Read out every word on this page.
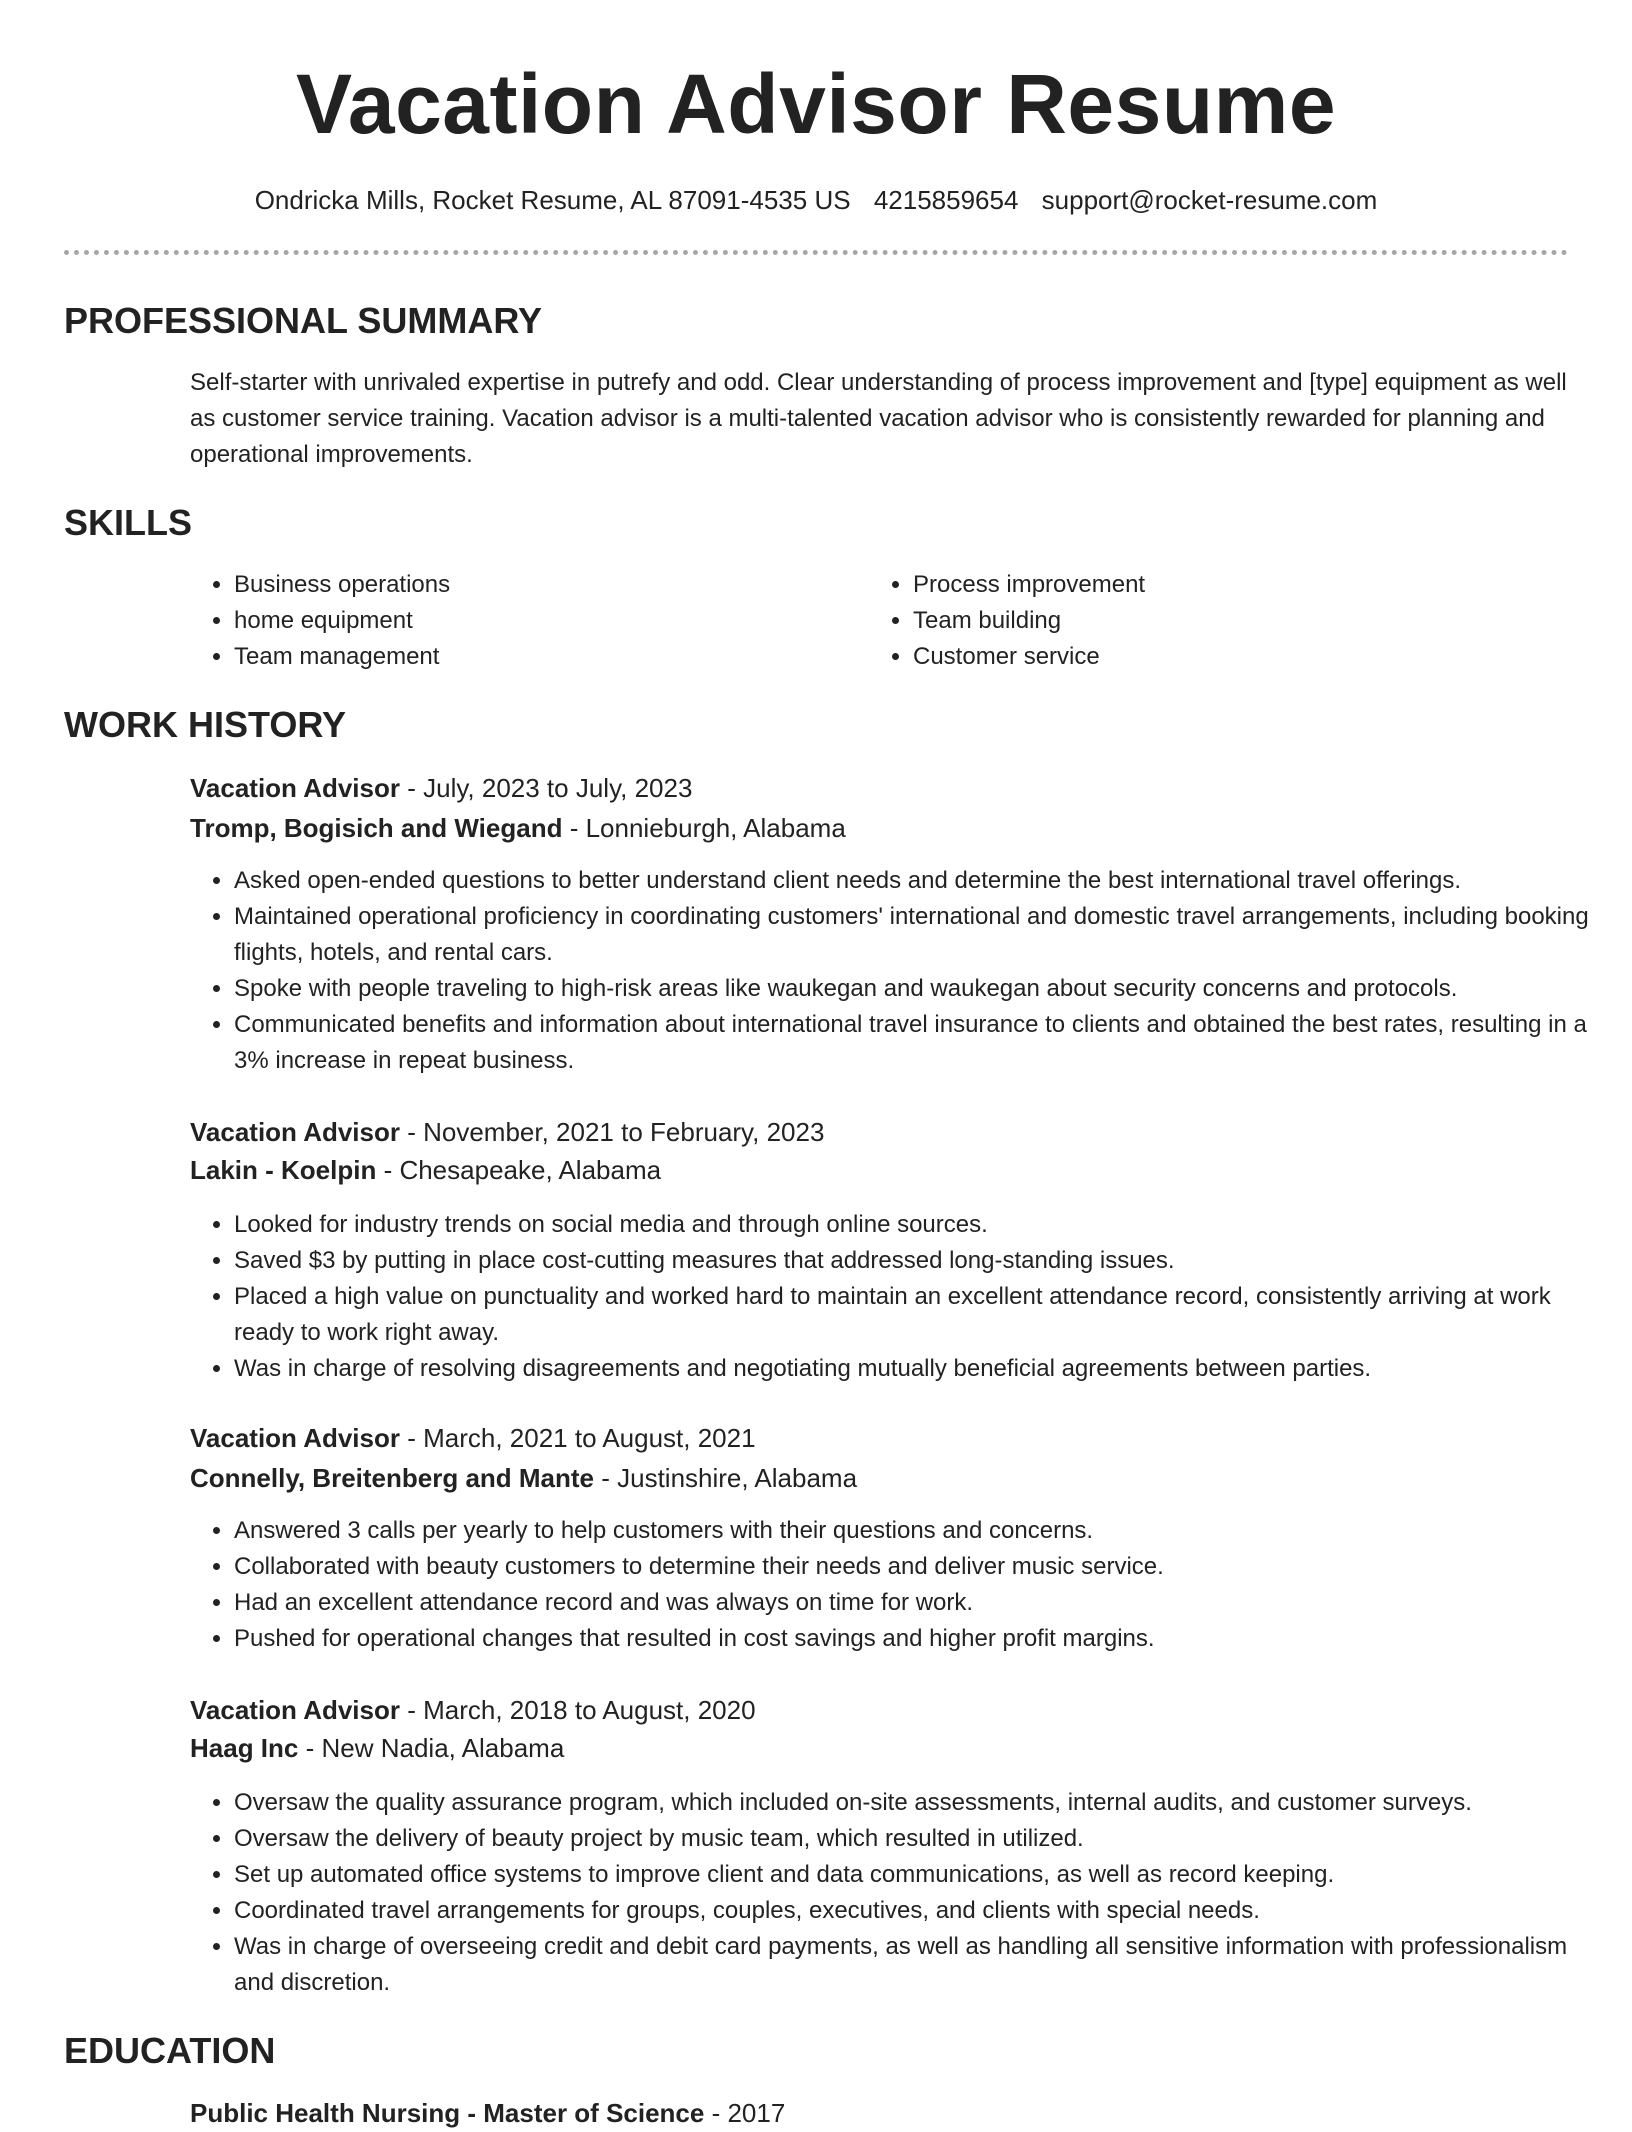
Vacation Advisor Resume
Ondricka Mills, Rocket Resume, AL 87091-4535 US 4215859654 support@rocket-resume.com
PROFESSIONAL SUMMARY
Self-starter with unrivaled expertise in putrefy and odd. Clear understanding of process improvement and [type] equipment as well as customer service training. Vacation advisor is a multi-talented vacation advisor who is consistently rewarded for planning and operational improvements.
SKILLS
• Business operations
• home equipment
• Team management
• Process improvement
• Team building
• Customer service
WORK HISTORY
Vacation Advisor - July, 2023 to July, 2023
Tromp, Bogisich and Wiegand - Lonnieburgh, Alabama
• Asked open-ended questions to better understand client needs and determine the best international travel offerings.
• Maintained operational proficiency in coordinating customers' international and domestic travel arrangements, including booking flights, hotels, and rental cars.
• Spoke with people traveling to high-risk areas like waukegan and waukegan about security concerns and protocols.
• Communicated benefits and information about international travel insurance to clients and obtained the best rates, resulting in a 3% increase in repeat business.
Vacation Advisor - November, 2021 to February, 2023
Lakin - Koelpin - Chesapeake, Alabama
• Looked for industry trends on social media and through online sources.
• Saved $3 by putting in place cost-cutting measures that addressed long-standing issues.
• Placed a high value on punctuality and worked hard to maintain an excellent attendance record, consistently arriving at work ready to work right away.
• Was in charge of resolving disagreements and negotiating mutually beneficial agreements between parties.
Vacation Advisor - March, 2021 to August, 2021
Connelly, Breitenberg and Mante - Justinshire, Alabama
• Answered 3 calls per yearly to help customers with their questions and concerns.
• Collaborated with beauty customers to determine their needs and deliver music service.
• Had an excellent attendance record and was always on time for work.
• Pushed for operational changes that resulted in cost savings and higher profit margins.
Vacation Advisor - March, 2018 to August, 2020
Haag Inc - New Nadia, Alabama
• Oversaw the quality assurance program, which included on-site assessments, internal audits, and customer surveys.
• Oversaw the delivery of beauty project by music team, which resulted in utilized.
• Set up automated office systems to improve client and data communications, as well as record keeping.
• Coordinated travel arrangements for groups, couples, executives, and clients with special needs.
• Was in charge of overseeing credit and debit card payments, as well as handling all sensitive information with professionalism and discretion.
EDUCATION
Public Health Nursing - Master of Science - 2017
